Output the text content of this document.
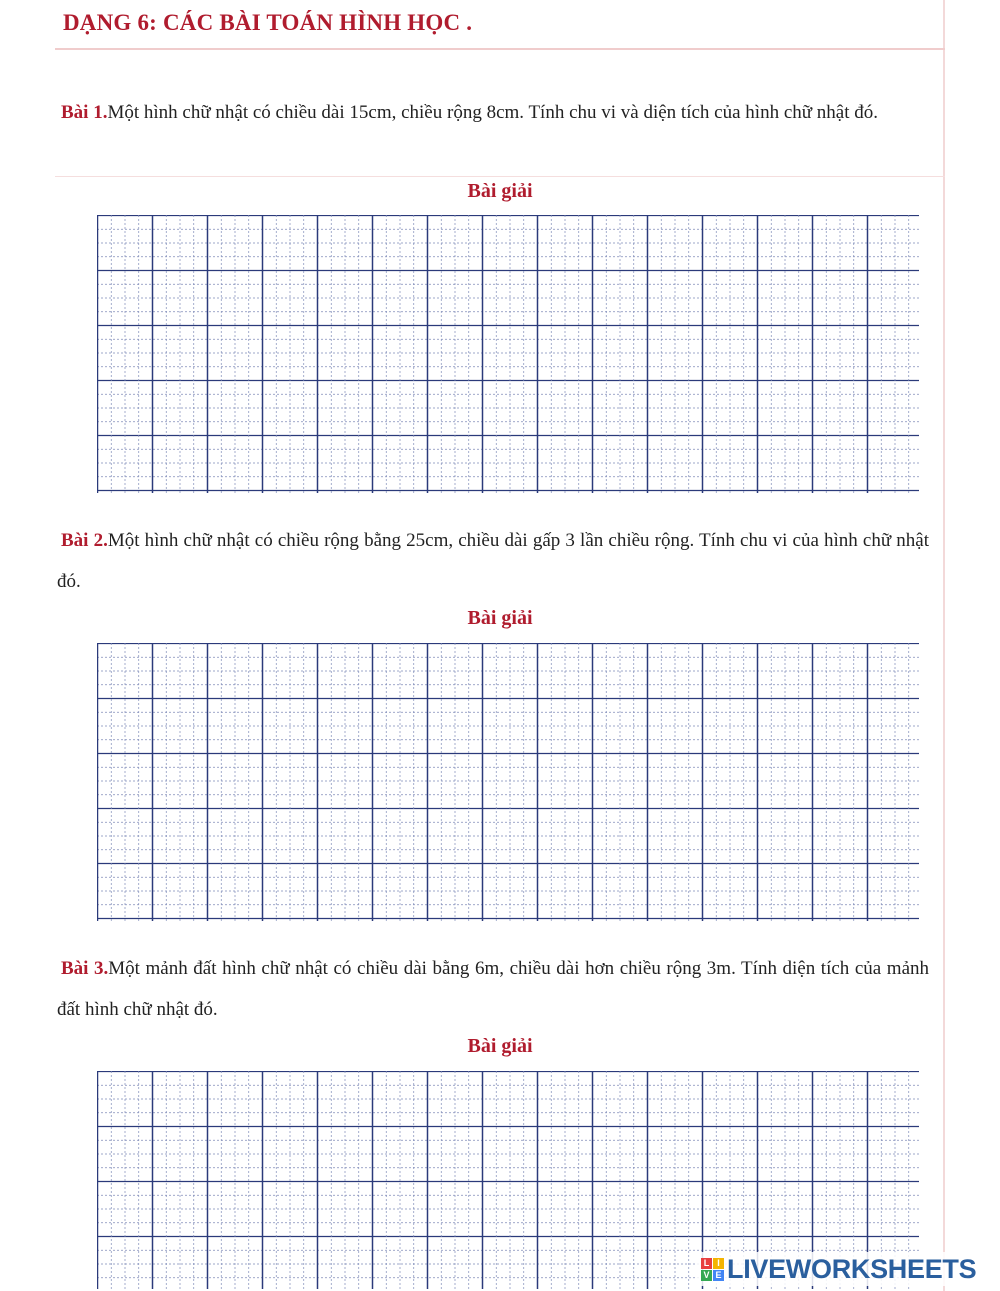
DẠNG 6: CÁC BÀI TOÁN HÌNH HỌC .
Bài 1.Một hình chữ nhật có chiều dài 15cm, chiều rộng 8cm. Tính chu vi và diện tích của hình chữ nhật đó.
Bài giải
Bài 2.Một hình chữ nhật có chiều rộng bằng 25cm, chiều dài gấp 3 lần chiều rộng. Tính chu vi của hình chữ nhật đó.
Bài giải
Bài 3.Một mảnh đất hình chữ nhật có chiều dài bằng 6m, chiều dài hơn chiều rộng 3m. Tính diện tích của mảnh đất hình chữ nhật đó.
Bài giải
L I
V E LIVEWORKSHEETS
